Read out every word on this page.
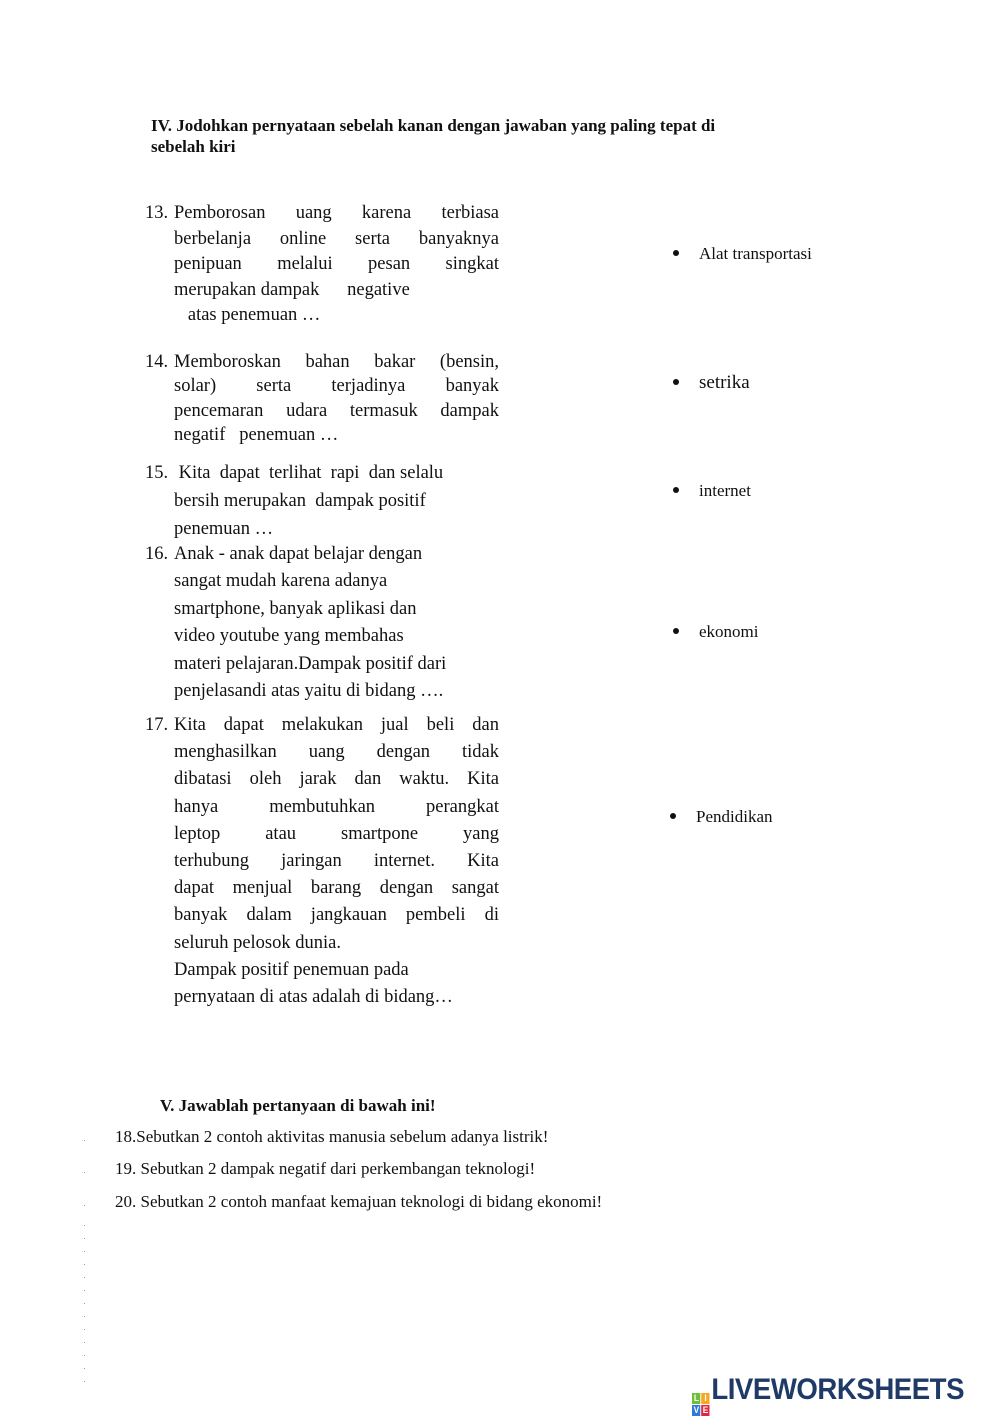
IV. Jodohkan pernyataan sebelah kanan dengan jawaban yang paling tepat di
sebelah kiri
13. Pemborosan uang karena terbiasa
berbelanja online serta banyaknya
penipuan melalui pesan singkat
merupakan dampak      negative
atas penemuan …
14. Memboroskan bahan bakar (bensin,
solar) serta terjadinya banyak
pencemaran udara termasuk dampak
negatif   penemuan …
15. Kita  dapat  terlihat  rapi  dan selalu
bersih merupakan  dampak positif
penemuan …
16. Anak - anak dapat belajar dengan
sangat mudah karena adanya
smartphone, banyak aplikasi dan
video youtube yang membahas
materi pelajaran.Dampak positif dari
penjelasandi atas yaitu di bidang ….
17. Kita dapat melakukan jual beli dan
menghasilkan uang dengan tidak
dibatasi oleh jarak dan waktu. Kita
hanya membutuhkan perangkat
leptop atau smartpone yang
terhubung jaringan internet. Kita
dapat menjual barang dengan sangat
banyak dalam jangkauan pembeli di
seluruh pelosok dunia.
Dampak positif penemuan pada
pernyataan di atas adalah di bidang…
Alat transportasi
setrika
internet
ekonomi
Pendidikan
V. Jawablah pertanyaan di bawah ini!
18.Sebutkan 2 contoh aktivitas manusia sebelum adanya listrik!
19. Sebutkan 2 dampak negatif dari perkembangan teknologi!
20. Sebutkan 2 contoh manfaat kemajuan teknologi di bidang ekonomi!
L I
V E
LIVEWORKSHEETS
